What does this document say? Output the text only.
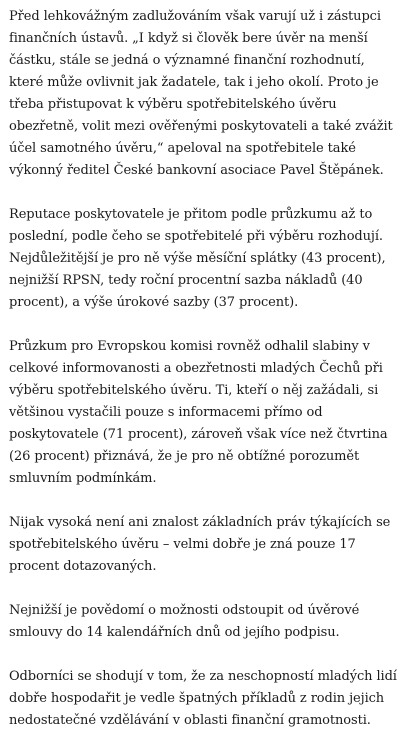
Před lehkovážným zadlužováním však varují už i zástupci finančních ústavů. „I když si člověk bere úvěr na menší částku, stále se jedná o významné finanční rozhodnutí, které může ovlivnit jak žadatele, tak i jeho okolí. Proto je třeba přistupovat k výběru spotřebitelského úvěru obezřetně, volit mezi ověřenými poskytovateli a také zvážit účel samotného úvěru,“ apeloval na spotřebitele také výkonný ředitel České bankovní asociace Pavel Štěpánek.

Reputace poskytovatele je přitom podle průzkumu až to poslední, podle čeho se spotřebitelé při výběru rozhodují. Nejdůležitější je pro ně výše měsíční splátky (43 procent), nejnižší RPSN, tedy roční procentní sazba nákladů (40 procent), a výše úrokové sazby (37 procent).

Průzkum pro Evropskou komisi rovněž odhalil slabiny v celkové informovanosti a obezřetnosti mladých Čechů při výběru spotřebitelského úvěru. Ti, kteří o něj zažádali, si většinou vystačili pouze s informacemi přímo od poskytovatele (71 procent), zároveň však více než čtvrtina (26 procent) přiznává, že je pro ně obtížné porozumět smluvním podmínkám.

Nijak vysoká není ani znalost základních práv týkajících se spotřebitelského úvěru – velmi dobře je zná pouze 17 procent dotazovaných.

Nejnižší je povědomí o možnosti odstoupit od úvěrové smlouvy do 14 kalendářních dnů od jejího podpisu.

Odborníci se shodují v tom, že za neschopností mladých lidí dobře hospodařit je vedle špatných příkladů z rodin jejich nedostatečné vzdělávání v oblasti finanční gramotnosti.
